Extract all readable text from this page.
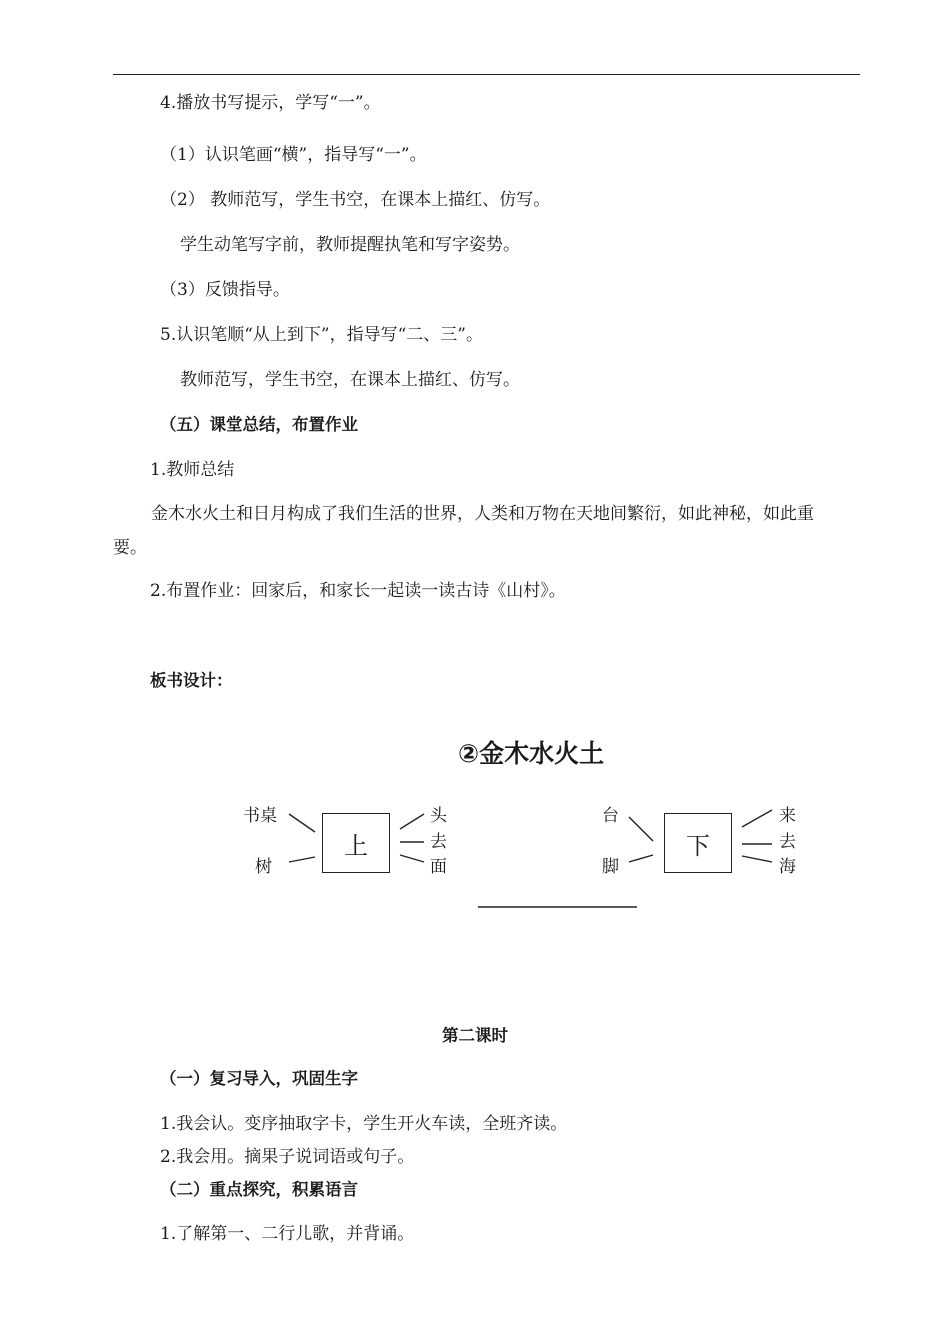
4.播放书写提示，学写“一”。
（1）认识笔画“横”，指导写“一”。
（2） 教师范写，学生书空，在课本上描红、仿写。
学生动笔写字前，教师提醒执笔和写字姿势。
（3）反馈指导。
5.认识笔顺“从上到下”，指导写“二、三”。
教师范写，学生书空，在课本上描红、仿写。
（五）课堂总结，布置作业
1.教师总结
金木水火土和日月构成了我们生活的世界，人类和万物在天地间繁衍，如此神秘，如此重要。
2.布置作业：回家后，和家长一起读一读古诗《山村》。
板书设计：
②金木水火土
书桌
树
上
头
去
面
台
脚
下
来
去
海
第二课时
（一）复习导入，巩固生字
1.我会认。变序抽取字卡，学生开火车读，全班齐读。
2.我会用。摘果子说词语或句子。
（二）重点探究，积累语言
1.了解第一、二行儿歌，并背诵。
